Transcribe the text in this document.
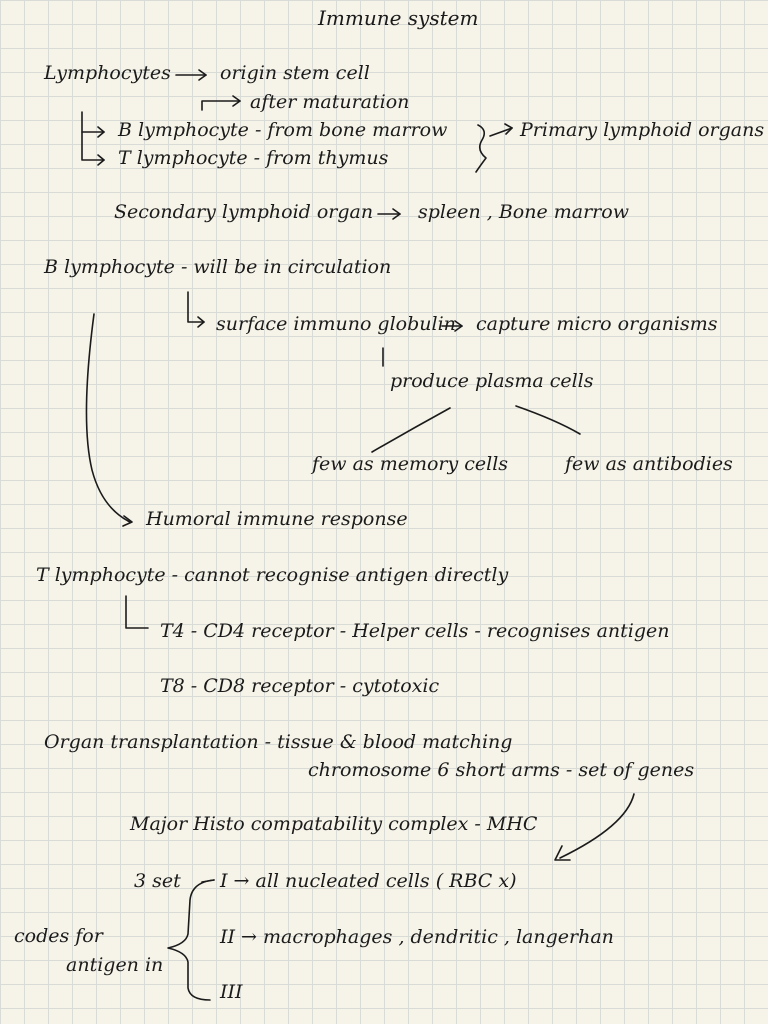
Immune system
Lymphocytes	origin stem cell
after maturation
B lymphocyte - from bone marrow
T lymphocyte - from thymus
Primary lymphoid organs
Secondary lymphoid organ spleen , Bone marrow
B lymphocyte - will be in circulation
surface immuno globulin capture micro organisms
produce plasma cells
few as memory cells	few as antibodies
Humoral immune response
T lymphocyte - cannot recognise antigen directly
T4 - CD4 receptor - Helper cells - recognises antigen
T8 - CD8 receptor - cytotoxic
Organ transplantation - tissue & blood matching
chromosome 6 short arms - set of genes
Major Histo compatability complex - MHC
3 set I → all nucleated cells ( RBC x)
II → macrophages , dendritic , langerhan
III
codes for
antigen in
